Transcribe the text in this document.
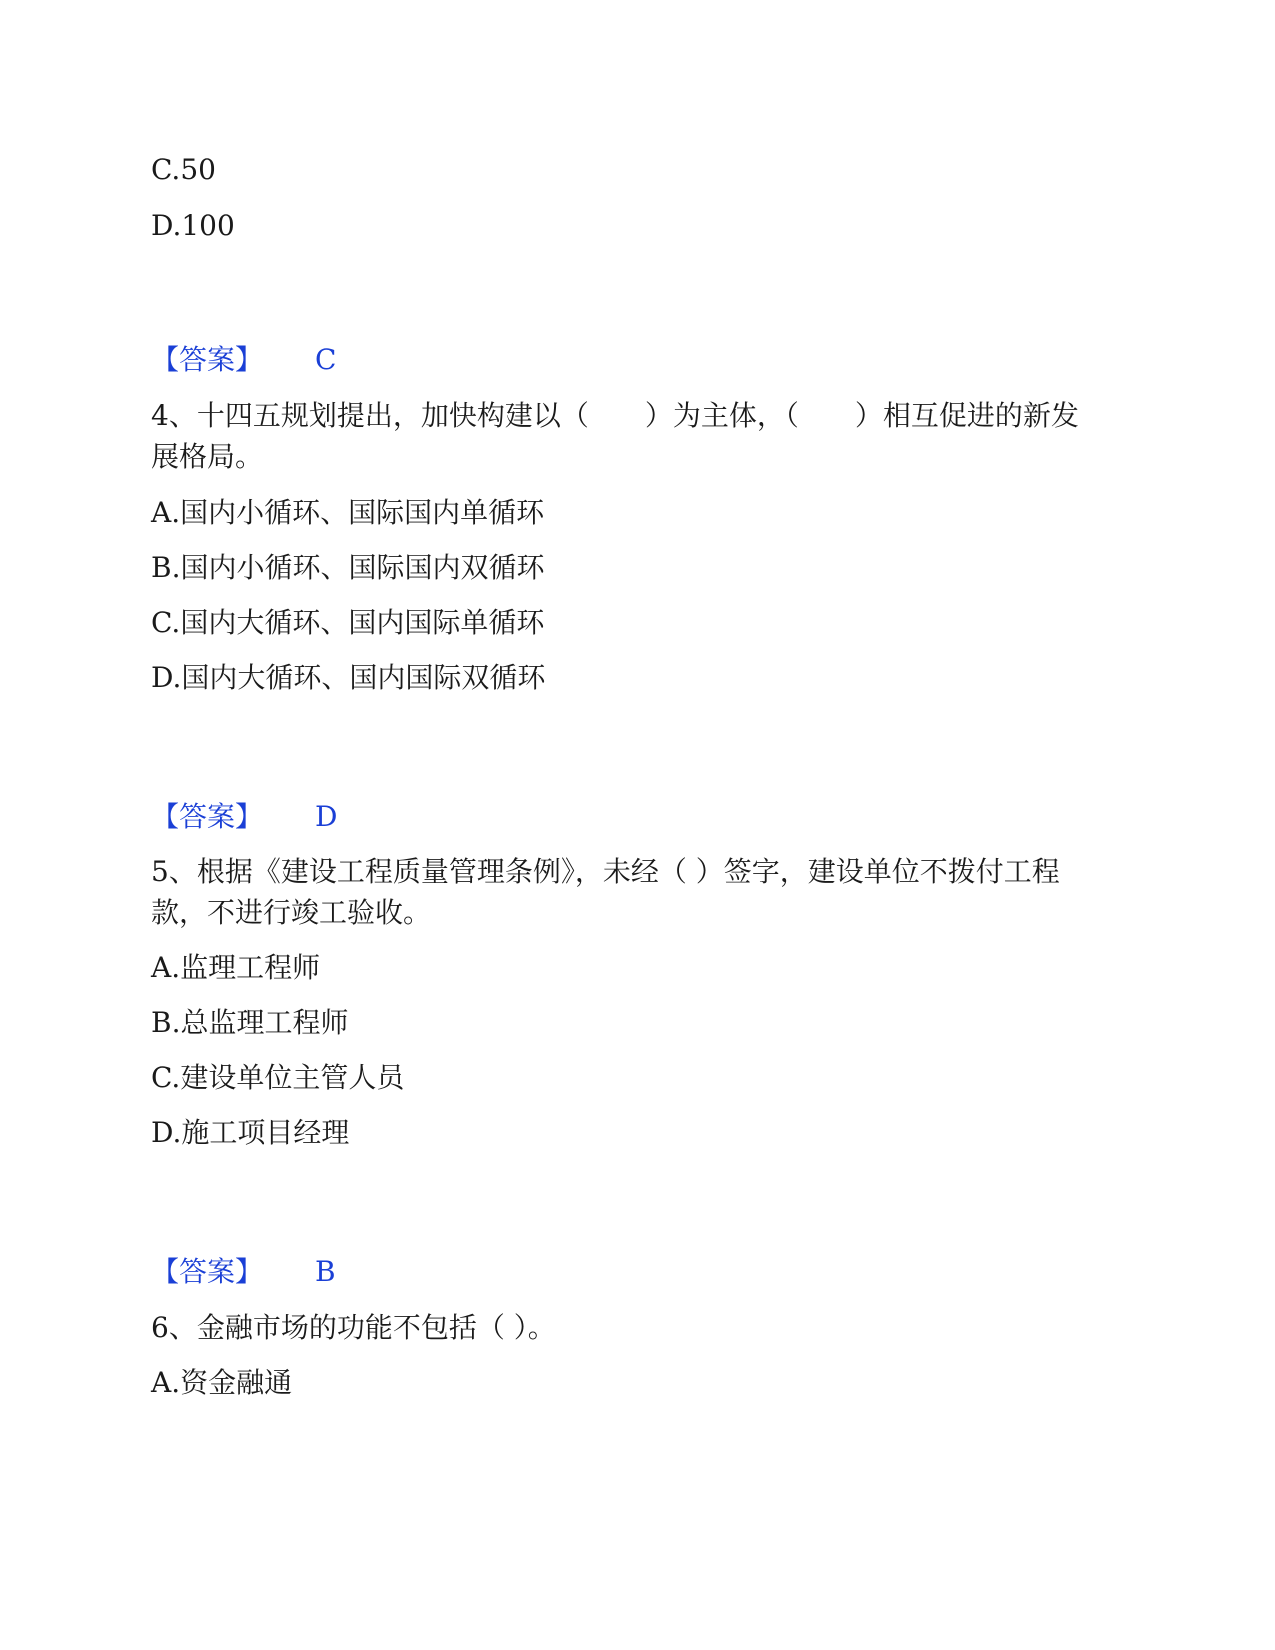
C.50
D.100
【答案】 C
4、十四五规划提出，加快构建以（　　）为主体，（　　）相互促进的新发
展格局。
A.国内小循环、国际国内单循环
B.国内小循环、国际国内双循环
C.国内大循环、国内国际单循环
D.国内大循环、国内国际双循环
【答案】 D
5、根据《建设工程质量管理条例》，未经（ ）签字，建设单位不拨付工程
款，不进行竣工验收。
A.监理工程师
B.总监理工程师
C.建设单位主管人员
D.施工项目经理
【答案】 B
6、金融市场的功能不包括（ ）。
A.资金融通
